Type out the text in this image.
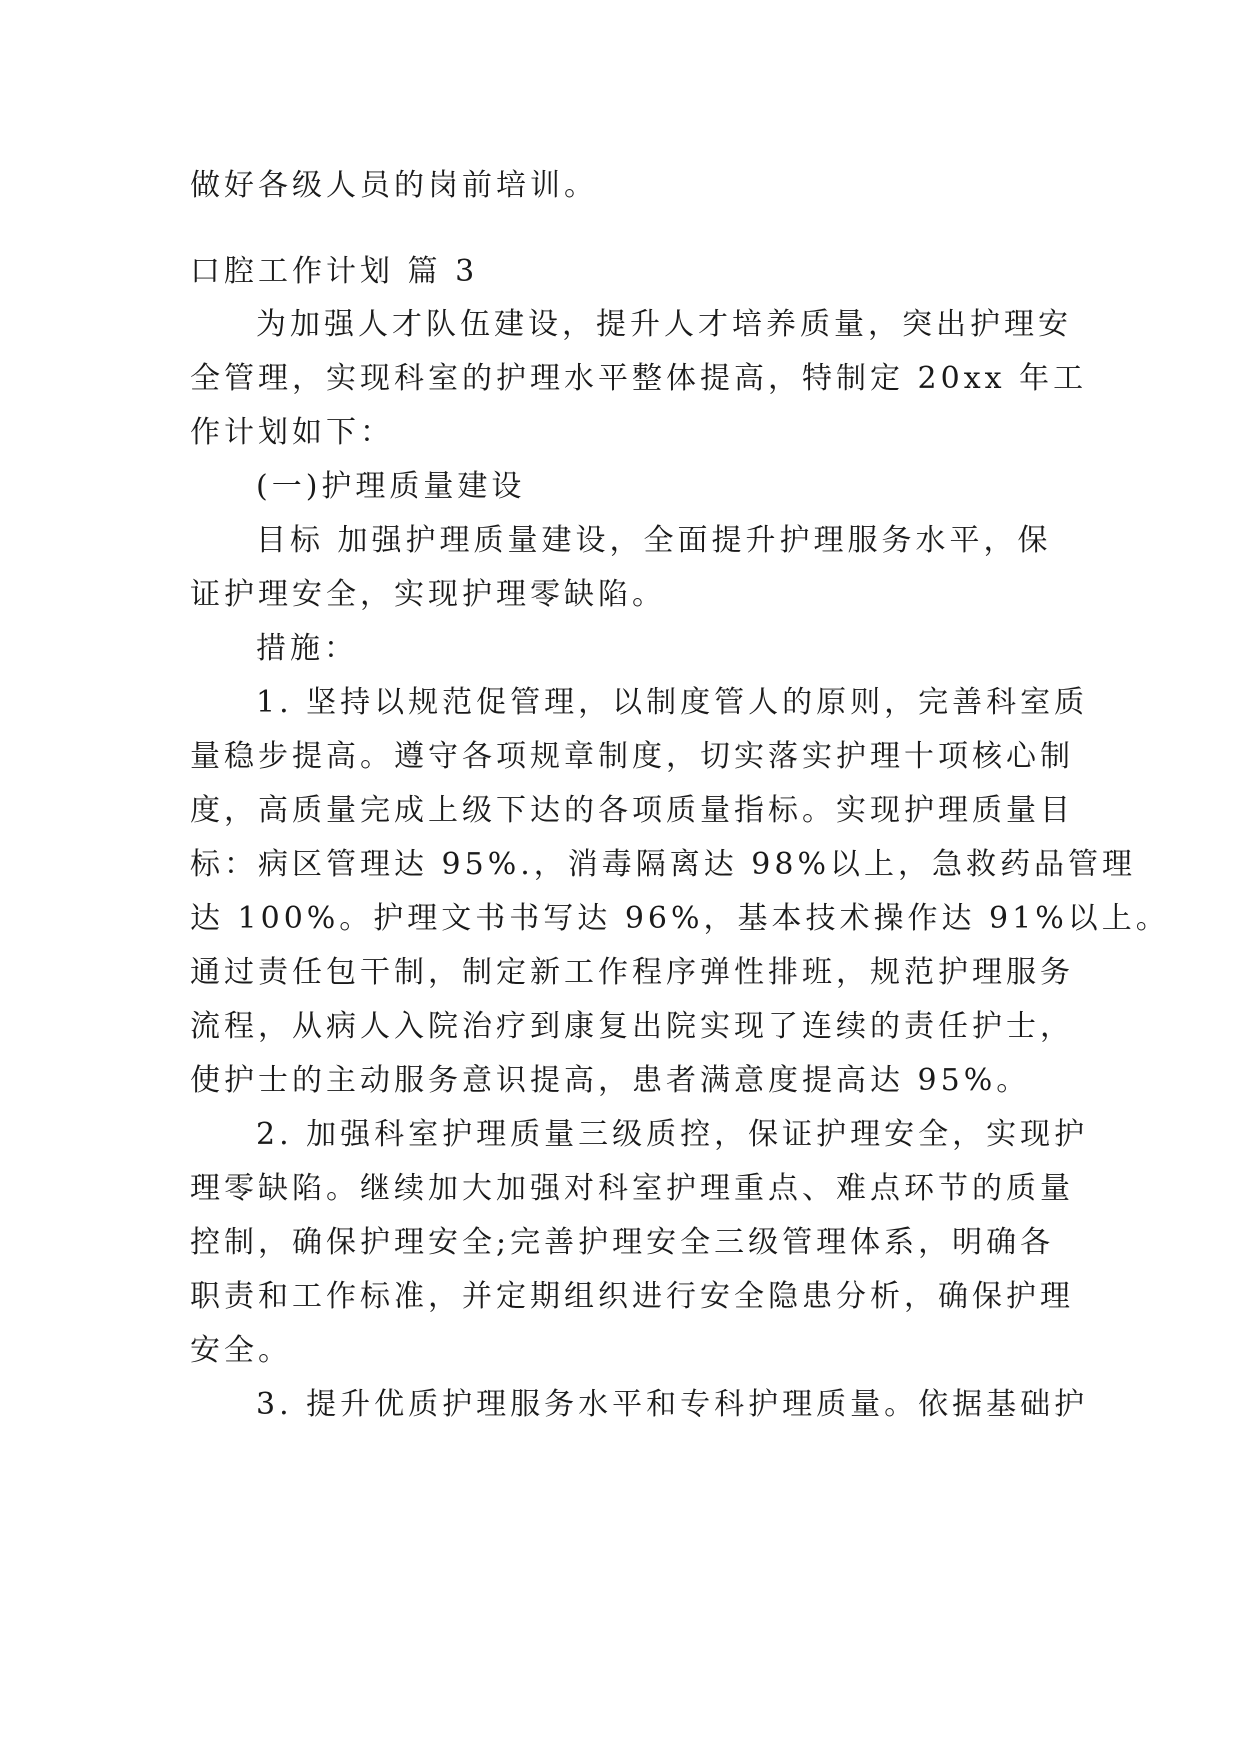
做好各级人员的岗前培训。

口腔工作计划 篇 3

为加强人才队伍建设，提升人才培养质量，突出护理安

全管理，实现科室的护理水平整体提高，特制定 20xx 年工

作计划如下：

(一)护理质量建设

目标 加强护理质量建设，全面提升护理服务水平，保

证护理安全，实现护理零缺陷。

措施：

1. 坚持以规范促管理，以制度管人的原则，完善科室质

量稳步提高。遵守各项规章制度，切实落实护理十项核心制

度，高质量完成上级下达的各项质量指标。实现护理质量目

标：病区管理达 95%.，消毒隔离达 98%以上，急救药品管理

达 100%。护理文书书写达 96%，基本技术操作达 91%以上。

通过责任包干制，制定新工作程序弹性排班，规范护理服务

流程，从病人入院治疗到康复出院实现了连续的责任护士，

使护士的主动服务意识提高，患者满意度提高达 95%。

2. 加强科室护理质量三级质控，保证护理安全，实现护

理零缺陷。继续加大加强对科室护理重点、难点环节的质量

控制，确保护理安全;完善护理安全三级管理体系，明确各

职责和工作标准，并定期组织进行安全隐患分析，确保护理

安全。

3. 提升优质护理服务水平和专科护理质量。依据基础护
